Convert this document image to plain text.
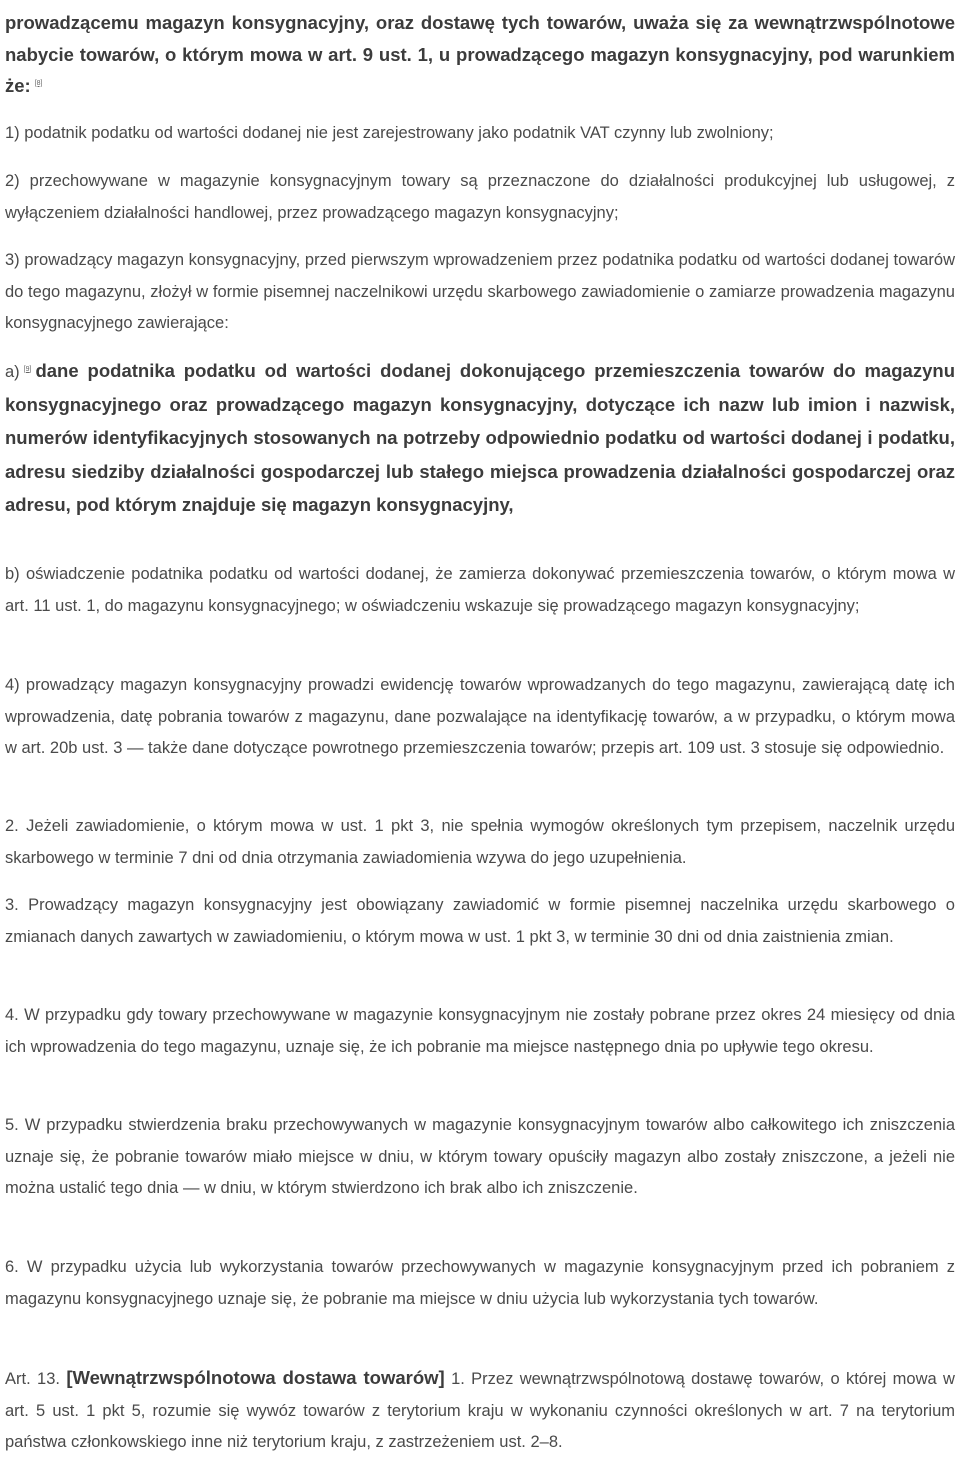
prowadzącemu magazyn konsygnacyjny, oraz dostawę tych towarów, uważa się za wewnątrzwspólnotowe nabycie towarów, o którym mowa w art. 9 ust. 1, u prowadzącego magazyn konsygnacyjny, pod warunkiem że: [8]

1) podatnik podatku od wartości dodanej nie jest zarejestrowany jako podatnik VAT czynny lub zwolniony;

2) przechowywane w magazynie konsygnacyjnym towary są przeznaczone do działalności produkcyjnej lub usługowej, z wyłączeniem działalności handlowej, przez prowadzącego magazyn konsygnacyjny;

3) prowadzący magazyn konsygnacyjny, przed pierwszym wprowadzeniem przez podatnika podatku od wartości dodanej towarów do tego magazynu, złożył w formie pisemnej naczelnikowi urzędu skarbowego zawiadomienie o zamiarze prowadzenia magazynu konsygnacyjnego zawierające:

a) [9] dane podatnika podatku od wartości dodanej dokonującego przemieszczenia towarów do magazynu konsygnacyjnego oraz prowadzącego magazyn konsygnacyjny, dotyczące ich nazw lub imion i nazwisk, numerów identyfikacyjnych stosowanych na potrzeby odpowiednio podatku od wartości dodanej i podatku, adresu siedziby działalności gospodarczej lub stałego miejsca prowadzenia działalności gospodarczej oraz adresu, pod którym znajduje się magazyn konsygnacyjny,

b) oświadczenie podatnika podatku od wartości dodanej, że zamierza dokonywać przemieszczenia towarów, o którym mowa w art. 11 ust. 1, do magazynu konsygnacyjnego; w oświadczeniu wskazuje się prowadzącego magazyn konsygnacyjny;

4) prowadzący magazyn konsygnacyjny prowadzi ewidencję towarów wprowadzanych do tego magazynu, zawierającą datę ich wprowadzenia, datę pobrania towarów z magazynu, dane pozwalające na identyfikację towarów, a w przypadku, o którym mowa w art. 20b ust. 3 — także dane dotyczące powrotnego przemieszczenia towarów; przepis art. 109 ust. 3 stosuje się odpowiednio.

2. Jeżeli zawiadomienie, o którym mowa w ust. 1 pkt 3, nie spełnia wymogów określonych tym przepisem, naczelnik urzędu skarbowego w terminie 7 dni od dnia otrzymania zawiadomienia wzywa do jego uzupełnienia.

3. Prowadzący magazyn konsygnacyjny jest obowiązany zawiadomić w formie pisemnej naczelnika urzędu skarbowego o zmianach danych zawartych w zawiadomieniu, o którym mowa w ust. 1 pkt 3, w terminie 30 dni od dnia zaistnienia zmian.

4. W przypadku gdy towary przechowywane w magazynie konsygnacyjnym nie zostały pobrane przez okres 24 miesięcy od dnia ich wprowadzenia do tego magazynu, uznaje się, że ich pobranie ma miejsce następnego dnia po upływie tego okresu.

5. W przypadku stwierdzenia braku przechowywanych w magazynie konsygnacyjnym towarów albo całkowitego ich zniszczenia uznaje się, że pobranie towarów miało miejsce w dniu, w którym towary opuściły magazyn albo zostały zniszczone, a jeżeli nie można ustalić tego dnia — w dniu, w którym stwierdzono ich brak albo ich zniszczenie.

6. W przypadku użycia lub wykorzystania towarów przechowywanych w magazynie konsygnacyjnym przed ich pobraniem z magazynu konsygnacyjnego uznaje się, że pobranie ma miejsce w dniu użycia lub wykorzystania tych towarów.

Art. 13. [Wewnątrzwspólnotowa dostawa towarów] 1. Przez wewnątrzwspólnotową dostawę towarów, o której mowa w art. 5 ust. 1 pkt 5, rozumie się wywóz towarów z terytorium kraju w wykonaniu czynności określonych w art. 7 na terytorium państwa członkowskiego inne niż terytorium kraju, z zastrzeżeniem ust. 2–8.
